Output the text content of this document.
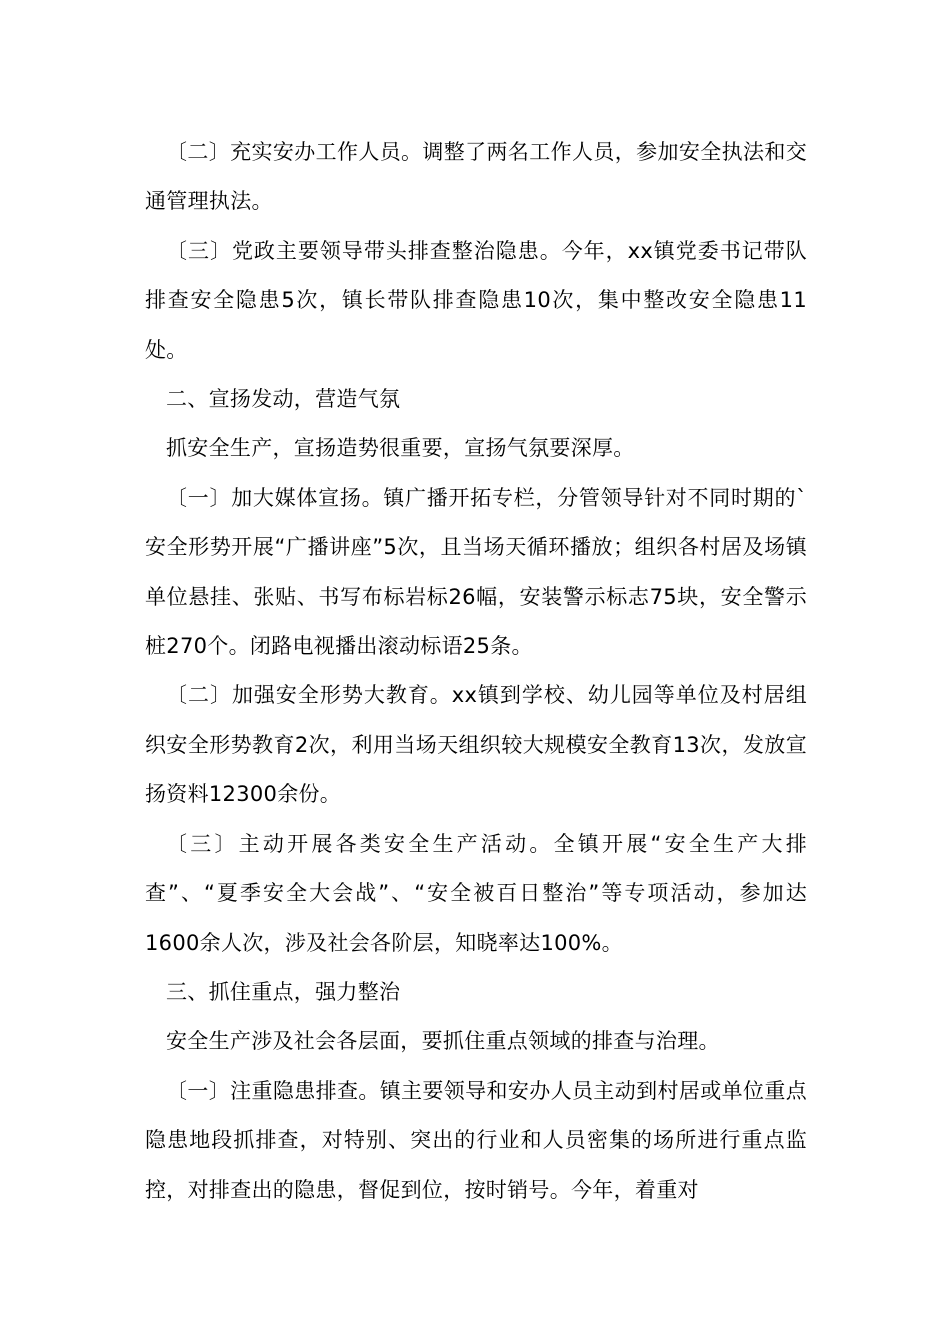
〔二〕充实安办工作人员。调整了两名工作人员，参加安全执法和交通管理执法。

〔三〕党政主要领导带头排查整治隐患。今年，xx镇党委书记带队排查安全隐患5次，镇长带队排查隐患10次，集中整改安全隐患11处。

二、宣扬发动，营造气氛

抓安全生产，宣扬造势很重要，宣扬气氛要深厚。

〔一〕加大媒体宣扬。镇广播开拓专栏，分管领导针对不同时期的`安全形势开展“广播讲座”5次，且当场天循环播放；组织各村居及场镇单位悬挂、张贴、书写布标岩标26幅，安装警示标志75块，安全警示桩270个。闭路电视播出滚动标语25条。

〔二〕加强安全形势大教育。xx镇到学校、幼儿园等单位及村居组织安全形势教育2次，利用当场天组织较大规模安全教育13次，发放宣扬资料12300余份。

〔三〕主动开展各类安全生产活动。全镇开展“安全生产大排查”、“夏季安全大会战”、“安全被百日整治”等专项活动，参加达1600余人次，涉及社会各阶层，知晓率达100%。

三、抓住重点，强力整治

安全生产涉及社会各层面，要抓住重点领域的排查与治理。

〔一〕注重隐患排查。镇主要领导和安办人员主动到村居或单位重点隐患地段抓排查，对特别、突出的行业和人员密集的场所进行重点监控，对排查出的隐患，督促到位，按时销号。今年，着重对
